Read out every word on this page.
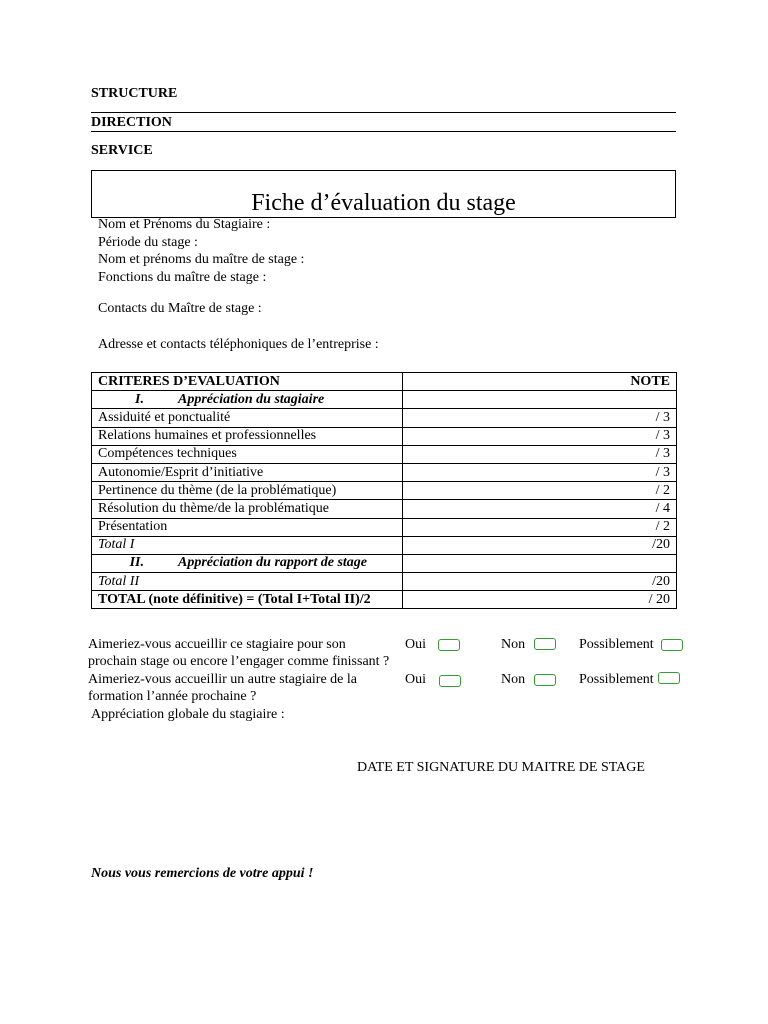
STRUCTURE
DIRECTION
SERVICE
Fiche d’évaluation du stage
Nom et Prénoms du Stagiaire :
Période du stage :
Nom et prénoms du maître de stage :
Fonctions du maître de stage :
Contacts du Maître de stage :
Adresse et contacts téléphoniques de l’entreprise :
CRITERES D’EVALUATION	NOTE
I. Appréciation du stagiaire	
Assiduité et ponctualité	/ 3
Relations humaines et professionnelles	/ 3
Compétences techniques	/ 3
Autonomie/Esprit d’initiative	/ 3
Pertinence du thème (de la problématique)	/ 2
Résolution du thème/de la problématique	/ 4
Présentation	/ 2
Total I	/20
II. Appréciation du rapport de stage	
Total II	/20
TOTAL (note définitive) = (Total I+Total II)/2	/ 20
Aimeriez-vous accueillir ce stagiaire pour son prochain stage ou encore l’engager comme finissant ?
Oui	Non	Possiblement
Aimeriez-vous accueillir un autre stagiaire de la formation l’année prochaine ?
Oui	Non	Possiblement
Appréciation globale du stagiaire :
DATE ET SIGNATURE DU MAITRE DE STAGE
Nous vous remercions de votre appui !
